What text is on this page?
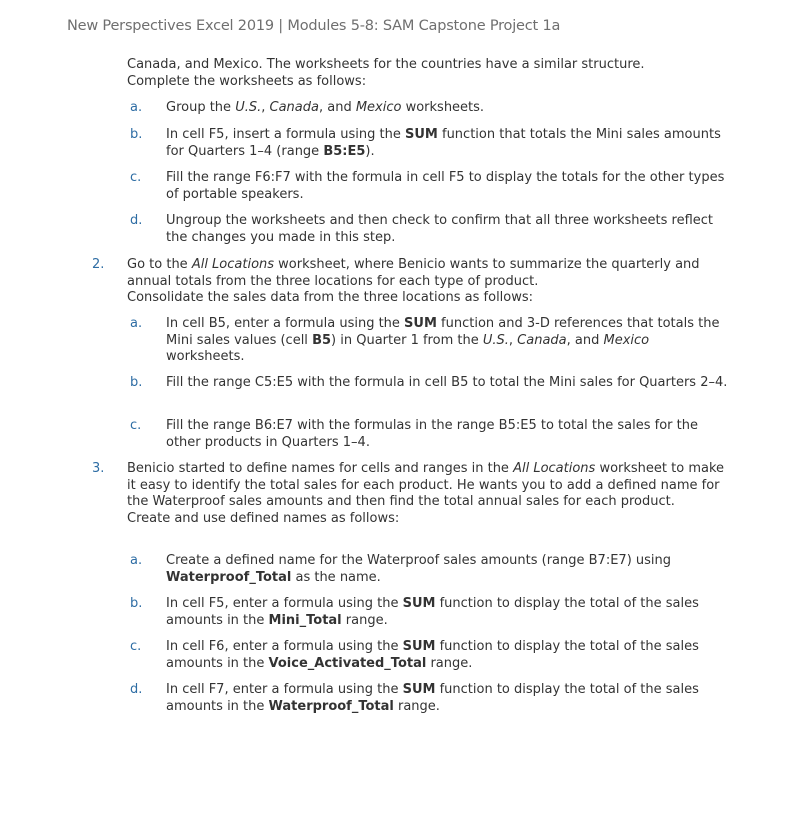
New Perspectives Excel 2019 | Modules 5-8: SAM Capstone Project 1a
Canada, and Mexico. The worksheets for the countries have a similar structure.
Complete the worksheets as follows:
a. Group the U.S., Canada, and Mexico worksheets.
b. In cell F5, insert a formula using the SUM function that totals the Mini sales amounts for Quarters 1–4 (range B5:E5).
c. Fill the range F6:F7 with the formula in cell F5 to display the totals for the other types of portable speakers.
d. Ungroup the worksheets and then check to confirm that all three worksheets reflect the changes you made in this step.
2. Go to the All Locations worksheet, where Benicio wants to summarize the quarterly and annual totals from the three locations for each type of product.
Consolidate the sales data from the three locations as follows:
a. In cell B5, enter a formula using the SUM function and 3-D references that totals the Mini sales values (cell B5) in Quarter 1 from the U.S., Canada, and Mexico worksheets.
b. Fill the range C5:E5 with the formula in cell B5 to total the Mini sales for Quarters 2–4.
c. Fill the range B6:E7 with the formulas in the range B5:E5 to total the sales for the other products in Quarters 1–4.
3. Benicio started to define names for cells and ranges in the All Locations worksheet to make it easy to identify the total sales for each product. He wants you to add a defined name for the Waterproof sales amounts and then find the total annual sales for each product.
Create and use defined names as follows:
a. Create a defined name for the Waterproof sales amounts (range B7:E7) using Waterproof_Total as the name.
b. In cell F5, enter a formula using the SUM function to display the total of the sales amounts in the Mini_Total range.
c. In cell F6, enter a formula using the SUM function to display the total of the sales amounts in the Voice_Activated_Total range.
d. In cell F7, enter a formula using the SUM function to display the total of the sales amounts in the Waterproof_Total range.
